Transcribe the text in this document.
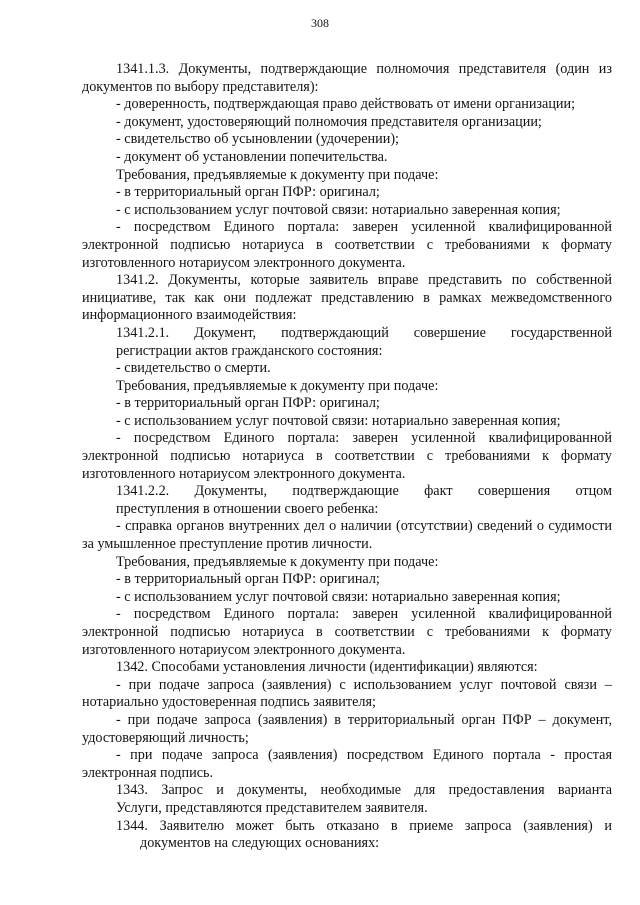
308

1341.1.3. Документы, подтверждающие полномочия представителя (один из документов по выбору представителя):

- доверенность, подтверждающая право действовать от имени организации;

- документ, удостоверяющий полномочия представителя организации;

- свидетельство об усыновлении (удочерении);

- документ об установлении попечительства.

Требования, предъявляемые к документу при подаче:

- в территориальный орган ПФР: оригинал;

- с использованием услуг почтовой связи: нотариально заверенная копия;

- посредством Единого портала: заверен усиленной квалифицированной электронной подписью нотариуса в соответствии с требованиями к формату изготовленного нотариусом электронного документа.

1341.2. Документы, которые заявитель вправе представить по собственной инициативе, так как они подлежат представлению в рамках межведомственного информационного взаимодействия:

1341.2.1. Документ, подтверждающий совершение государственной

регистрации актов гражданского состояния:

- свидетельство о смерти.

Требования, предъявляемые к документу при подаче:

- в территориальный орган ПФР: оригинал;

- с использованием услуг почтовой связи: нотариально заверенная копия;

- посредством Единого портала: заверен усиленной квалифицированной электронной подписью нотариуса в соответствии с требованиями к формату изготовленного нотариусом электронного документа.

1341.2.2. Документы, подтверждающие факт совершения отцом

преступления в отношении своего ребенка:

- справка органов внутренних дел о наличии (отсутствии) сведений о судимости за умышленное преступление против личности.

Требования, предъявляемые к документу при подаче:

- в территориальный орган ПФР: оригинал;

- с использованием услуг почтовой связи: нотариально заверенная копия;

- посредством Единого портала: заверен усиленной квалифицированной электронной подписью нотариуса в соответствии с требованиями к формату изготовленного нотариусом электронного документа.

1342. Способами установления личности (идентификации) являются:

- при подаче запроса (заявления) с использованием услуг почтовой связи – нотариально удостоверенная подпись заявителя;

- при подаче запроса (заявления) в территориальный орган ПФР – документ, удостоверяющий личность;

- при подаче запроса (заявления) посредством Единого портала - простая электронная подпись.

1343. Запрос и документы, необходимые для предоставления варианта

Услуги, представляются представителем заявителя.

1344. Заявителю может быть отказано в приеме запроса (заявления) и

документов на следующих основаниях:
